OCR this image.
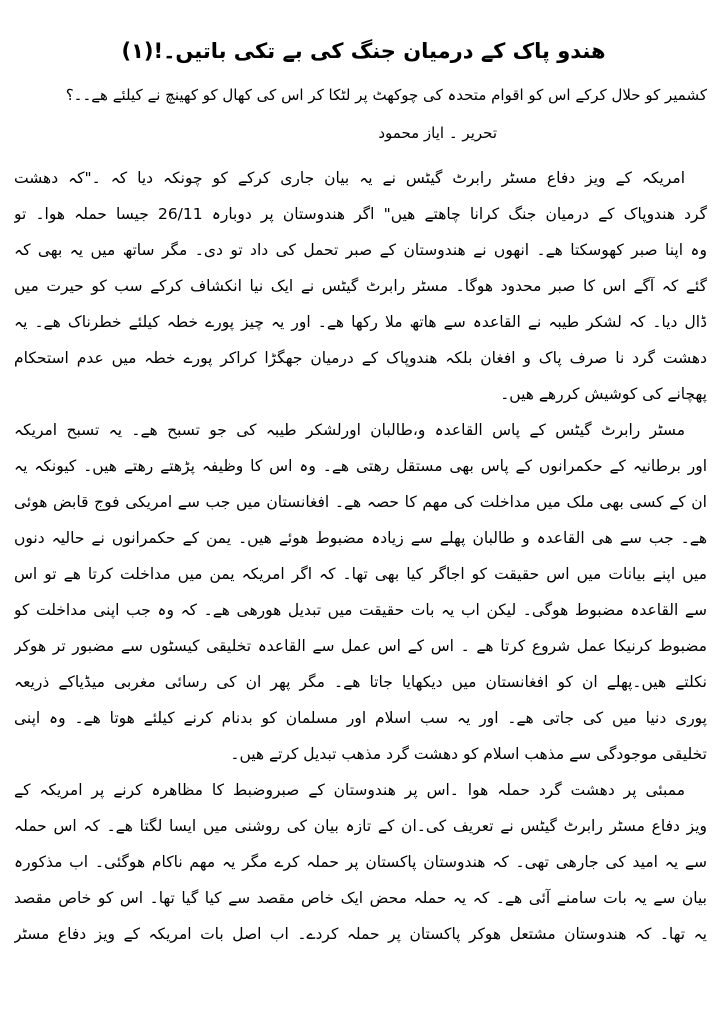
ھندو پاک کے درمیان جنگ کی بے تکی باتیں۔!(۱)
کشمیر کو حلال کرکے اس کو اقوام متحدہ کی چوکھٹ پر لٹکا کر اس کی کھال کو کھینچ نے کیلئے ھے۔۔؟
تحریر ۔ ایاز محمود
امریکہ کے ویز دفاع مسٹر رابرٹ گیٹس نے یہ بیان جاری کرکے کو چونکہ دیا کہ ۔"کہ دھشت
گرد ھندوپاک کے درمیان جنگ کرانا چاھتے ھیں" اگر ھندوستان پر دوبارہ 26/11 جیسا حملہ ھوا۔ تو
وہ اپنا صبر کھوسکتا ھے۔ انھوں نے ھندوستان کے صبر تحمل کی داد تو دی۔ مگر ساتھ میں یہ بھی کہ
گئے کہ آگے اس کا صبر محدود ھوگا۔ مسٹر رابرٹ گیٹس نے ایک نیا انکشاف کرکے سب کو حیرت میں
ڈال دیا۔ کہ لشکر طیبہ نے القاعدہ سے ھاتھ ملا رکھا ھے۔ اور یہ چیز پورے خطہ کیلئے خطرناک ھے۔ یہ
دھشت گرد نا صرف پاک و افغان بلکہ ھندوپاک کے درمیان جھگڑا کراکر پورے خطہ میں عدم استحکام
پھچانے کی کوشیش کررھے ھیں۔
مسٹر رابرٹ گیٹس کے پاس القاعدہ و،طالبان اورلشکر طیبہ کی جو تسبح ھے۔ یہ تسبح امریکہ
اور برطانیہ کے حکمرانوں کے پاس بھی مستقل رھتی ھے۔ وہ اس کا وظیفہ پڑھتے رھتے ھیں۔ کیونکہ یہ
ان کے کسی بھی ملک میں مداخلت کی مھم کا حصہ ھے۔ افغانستان میں جب سے امریکی فوج قابض ھوئی
ھے۔ جب سے ھی القاعدہ و طالبان پھلے سے زیادہ مضبوط ھوئے ھیں۔ یمن کے حکمرانوں نے حالیہ دنوں
میں اپنے بیانات میں اس حقیقت کو اجاگر کیا بھی تھا۔ کہ اگر امریکہ یمن میں مداخلت کرتا ھے تو اس
سے القاعدہ مضبوط ھوگی۔ لیکن اب یہ بات حقیقت میں تبدیل ھورھی ھے۔ کہ وہ جب اپنی مداخلت کو
مضبوط کرنیکا عمل شروع کرتا ھے ۔ اس کے اس عمل سے القاعدہ تخلیقی کیسٹوں سے مضبور تر ھوکر
نکلتے ھیں۔پھلے ان کو افغانستان میں دیکھایا جاتا ھے۔ مگر پھر ان کی رسائی مغربی میڈیاکے ذریعہ
پوری دنیا میں کی جاتی ھے۔ اور یہ سب اسلام اور مسلمان کو بدنام کرنے کیلئے ھوتا ھے۔ وہ اپنی
تخلیقی موجودگی سے مذھب اسلام کو دھشت گرد مذھب تبدیل کرتے ھیں۔
ممبئی پر دھشت گرد حملہ ھوا ۔اس پر ھندوستان کے صبروضبط کا مظاھرہ کرنے پر امریکہ کے
ویز دفاع مسٹر رابرٹ گیٹس نے تعریف کی۔ان کے تازہ بیان کی روشنی میں ایسا لگتا ھے۔ کہ اس حملہ
سے یہ امید کی جارھی تھی۔ کہ ھندوستان پاکستان پر حملہ کرے مگر یہ مھم ناکام ھوگئی۔ اب مذکورہ
بیان سے یہ بات سامنے آئی ھے۔ کہ یہ حملہ محض ایک خاص مقصد سے کیا گیا تھا۔ اس کو خاص مقصد
یہ تھا۔ کہ ھندوستان مشتعل ھوکر پاکستان پر حملہ کردے۔ اب اصل بات امریکہ کے ویز دفاع مسٹر
